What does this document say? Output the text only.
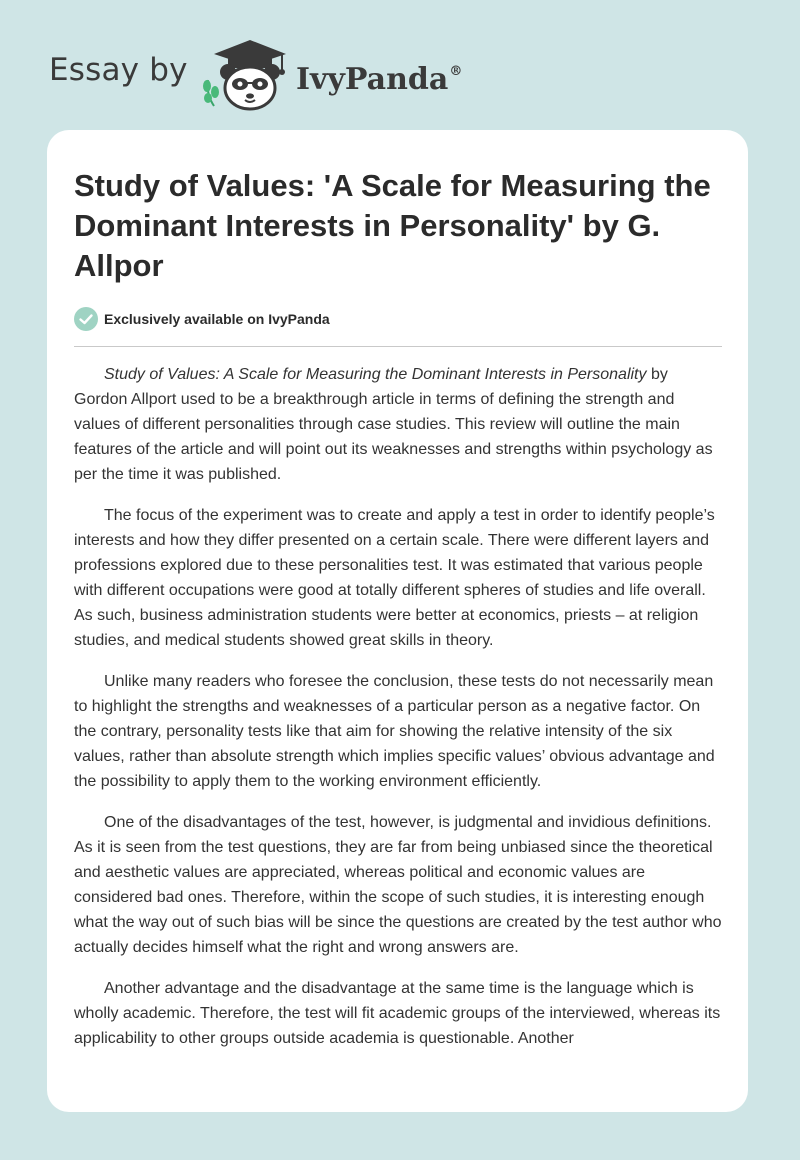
Essay by	IvyPanda®
Study of Values: 'A Scale for Measuring the Dominant Interests in Personality' by G. Allpor
Exclusively available on IvyPanda

Study of Values: A Scale for Measuring the Dominant Interests in Personality by Gordon Allport used to be a breakthrough article in terms of defining the strength and values of different personalities through case studies. This review will outline the main features of the article and will point out its weaknesses and strengths within psychology as per the time it was published.

The focus of the experiment was to create and apply a test in order to identify people’s interests and how they differ presented on a certain scale. There were different layers and professions explored due to these personalities test. It was estimated that various people with different occupations were good at totally different spheres of studies and life overall. As such, business administration students were better at economics, priests – at religion studies, and medical students showed great skills in theory.

Unlike many readers who foresee the conclusion, these tests do not necessarily mean to highlight the strengths and weaknesses of a particular person as a negative factor. On the contrary, personality tests like that aim for showing the relative intensity of the six values, rather than absolute strength which implies specific values’ obvious advantage and the possibility to apply them to the working environment efficiently.

One of the disadvantages of the test, however, is judgmental and invidious definitions. As it is seen from the test questions, they are far from being unbiased since the theoretical and aesthetic values are appreciated, whereas political and economic values are considered bad ones. Therefore, within the scope of such studies, it is interesting enough what the way out of such bias will be since the questions are created by the test author who actually decides himself what the right and wrong answers are.

Another advantage and the disadvantage at the same time is the language which is wholly academic. Therefore, the test will fit academic groups of the interviewed, whereas its applicability to other groups outside academia is questionable. Another
